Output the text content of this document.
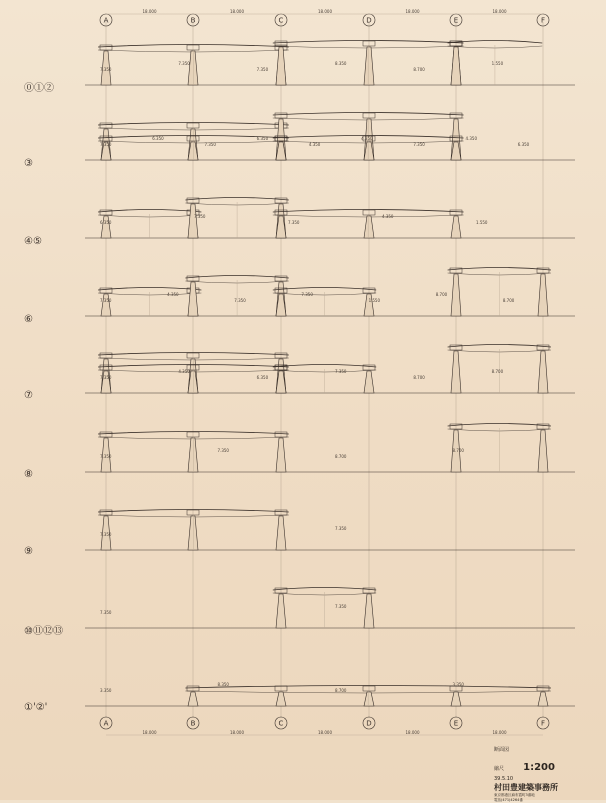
A	B	C	D	E	F
18.000	18.000	18.000	18.000	18.000
A	B	C	D	E	F
18.000	18.000	18.000	18.000	18.000
⓪①②
7.350
7.350
7.350
8.350
8.700
1.550
③
7.350
6.350
7.350
6.350
4.350
4.350
7.350
4.350
6.350
④⑤
6.350
7.350
7.350
4.350
1.550
⑥
7.350
4.350
7.350
7.350
1.550
8.700
8.700
⑦
7.350
4.350
6.350
7.350
8.700
8.700
⑧
7.350
7.350
8.700
8.700
⑨
7.350
7.350
⑩⑪⑫⑬
7.350
7.350
①'②'
3.350
8.350
8.700
3.350
断面図
縮尺 1:200
39.5.10
村田豊建築事務所
東京都港区麻布霞町3番地
電話(471)4264番
